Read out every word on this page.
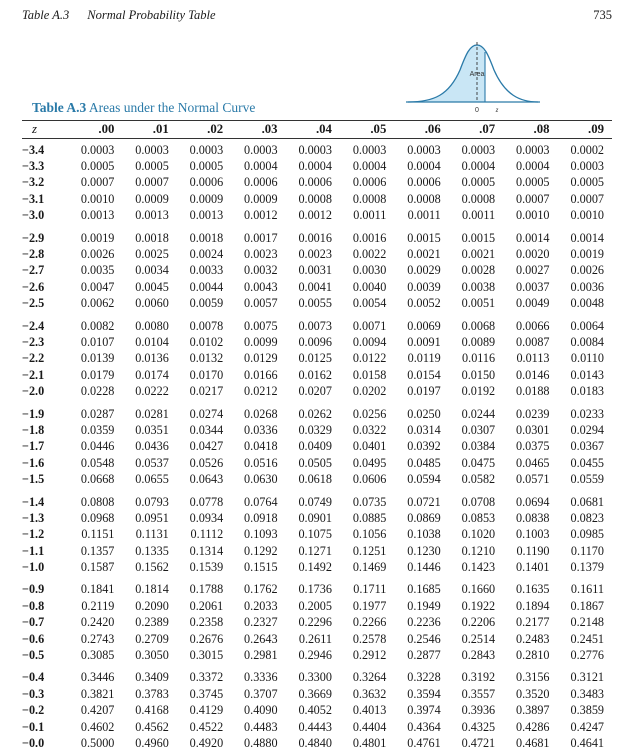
Table A.3 Normal Probability Table	735
Area
0 z
Table A.3 Areas under the Normal Curve
z	.00	.01	.02	.03	.04	.05	.06	.07	.08	.09
−3.4	0.0003	0.0003	0.0003	0.0003	0.0003	0.0003	0.0003	0.0003	0.0003	0.0002
−3.3	0.0005	0.0005	0.0005	0.0004	0.0004	0.0004	0.0004	0.0004	0.0004	0.0003
−3.2	0.0007	0.0007	0.0006	0.0006	0.0006	0.0006	0.0006	0.0005	0.0005	0.0005
−3.1	0.0010	0.0009	0.0009	0.0009	0.0008	0.0008	0.0008	0.0008	0.0007	0.0007
−3.0	0.0013	0.0013	0.0013	0.0012	0.0012	0.0011	0.0011	0.0011	0.0010	0.0010
−2.9	0.0019	0.0018	0.0018	0.0017	0.0016	0.0016	0.0015	0.0015	0.0014	0.0014
−2.8	0.0026	0.0025	0.0024	0.0023	0.0023	0.0022	0.0021	0.0021	0.0020	0.0019
−2.7	0.0035	0.0034	0.0033	0.0032	0.0031	0.0030	0.0029	0.0028	0.0027	0.0026
−2.6	0.0047	0.0045	0.0044	0.0043	0.0041	0.0040	0.0039	0.0038	0.0037	0.0036
−2.5	0.0062	0.0060	0.0059	0.0057	0.0055	0.0054	0.0052	0.0051	0.0049	0.0048
−2.4	0.0082	0.0080	0.0078	0.0075	0.0073	0.0071	0.0069	0.0068	0.0066	0.0064
−2.3	0.0107	0.0104	0.0102	0.0099	0.0096	0.0094	0.0091	0.0089	0.0087	0.0084
−2.2	0.0139	0.0136	0.0132	0.0129	0.0125	0.0122	0.0119	0.0116	0.0113	0.0110
−2.1	0.0179	0.0174	0.0170	0.0166	0.0162	0.0158	0.0154	0.0150	0.0146	0.0143
−2.0	0.0228	0.0222	0.0217	0.0212	0.0207	0.0202	0.0197	0.0192	0.0188	0.0183
−1.9	0.0287	0.0281	0.0274	0.0268	0.0262	0.0256	0.0250	0.0244	0.0239	0.0233
−1.8	0.0359	0.0351	0.0344	0.0336	0.0329	0.0322	0.0314	0.0307	0.0301	0.0294
−1.7	0.0446	0.0436	0.0427	0.0418	0.0409	0.0401	0.0392	0.0384	0.0375	0.0367
−1.6	0.0548	0.0537	0.0526	0.0516	0.0505	0.0495	0.0485	0.0475	0.0465	0.0455
−1.5	0.0668	0.0655	0.0643	0.0630	0.0618	0.0606	0.0594	0.0582	0.0571	0.0559
−1.4	0.0808	0.0793	0.0778	0.0764	0.0749	0.0735	0.0721	0.0708	0.0694	0.0681
−1.3	0.0968	0.0951	0.0934	0.0918	0.0901	0.0885	0.0869	0.0853	0.0838	0.0823
−1.2	0.1151	0.1131	0.1112	0.1093	0.1075	0.1056	0.1038	0.1020	0.1003	0.0985
−1.1	0.1357	0.1335	0.1314	0.1292	0.1271	0.1251	0.1230	0.1210	0.1190	0.1170
−1.0	0.1587	0.1562	0.1539	0.1515	0.1492	0.1469	0.1446	0.1423	0.1401	0.1379
−0.9	0.1841	0.1814	0.1788	0.1762	0.1736	0.1711	0.1685	0.1660	0.1635	0.1611
−0.8	0.2119	0.2090	0.2061	0.2033	0.2005	0.1977	0.1949	0.1922	0.1894	0.1867
−0.7	0.2420	0.2389	0.2358	0.2327	0.2296	0.2266	0.2236	0.2206	0.2177	0.2148
−0.6	0.2743	0.2709	0.2676	0.2643	0.2611	0.2578	0.2546	0.2514	0.2483	0.2451
−0.5	0.3085	0.3050	0.3015	0.2981	0.2946	0.2912	0.2877	0.2843	0.2810	0.2776
−0.4	0.3446	0.3409	0.3372	0.3336	0.3300	0.3264	0.3228	0.3192	0.3156	0.3121
−0.3	0.3821	0.3783	0.3745	0.3707	0.3669	0.3632	0.3594	0.3557	0.3520	0.3483
−0.2	0.4207	0.4168	0.4129	0.4090	0.4052	0.4013	0.3974	0.3936	0.3897	0.3859
−0.1	0.4602	0.4562	0.4522	0.4483	0.4443	0.4404	0.4364	0.4325	0.4286	0.4247
−0.0	0.5000	0.4960	0.4920	0.4880	0.4840	0.4801	0.4761	0.4721	0.4681	0.4641
